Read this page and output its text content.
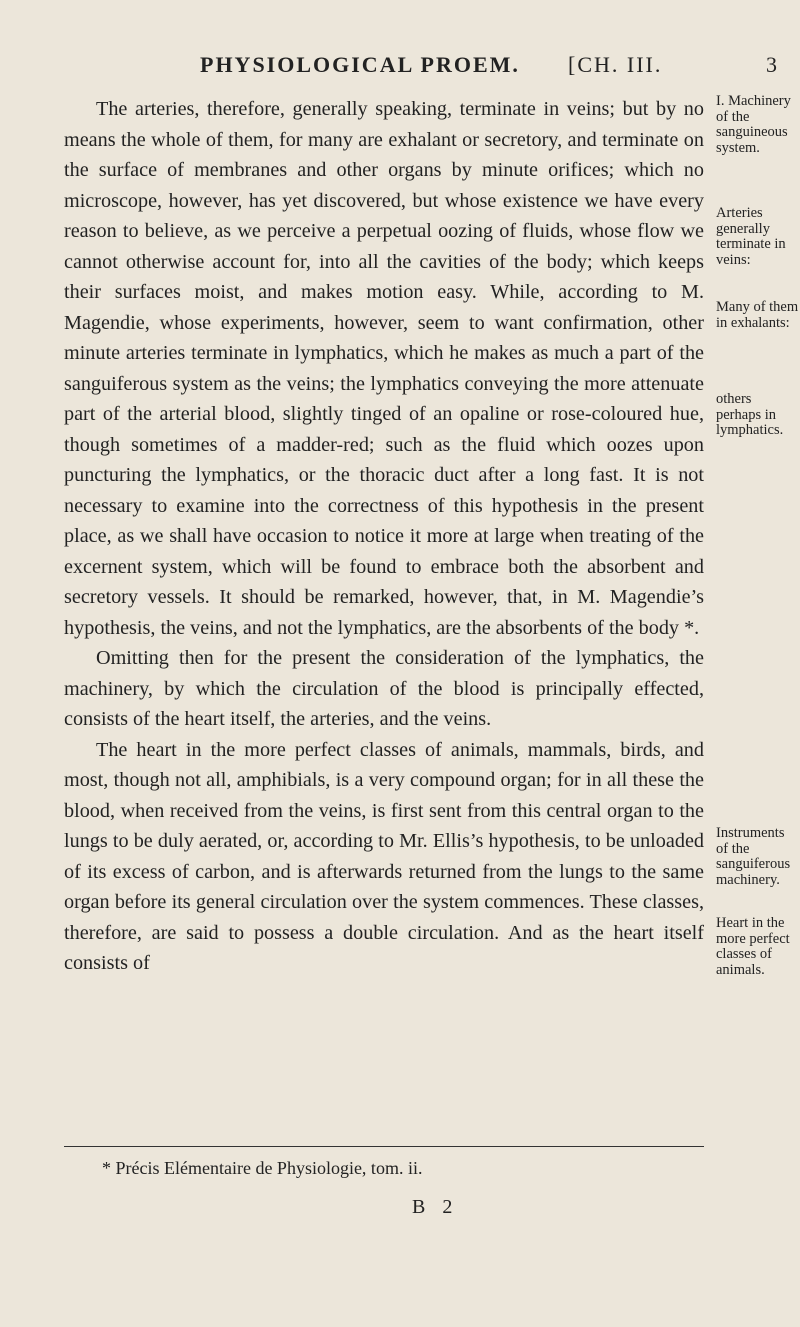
PHYSIOLOGICAL PROEM. [CH. III.	3

The arteries, therefore, generally speaking, terminate in veins; but by no means the whole of them, for many are exhalant or secretory, and terminate on the surface of membranes and other organs by minute orifices; which no microscope, however, has yet discovered, but whose existence we have every reason to believe, as we perceive a perpetual oozing of fluids, whose flow we cannot otherwise account for, into all the cavities of the body; which keeps their surfaces moist, and makes motion easy. While, according to M. Magendie, whose experiments, however, seem to want confirmation, other minute arteries terminate in lymphatics, which he makes as much a part of the sanguiferous system as the veins; the lymphatics conveying the more attenuate part of the arterial blood, slightly tinged of an opaline or rose-coloured hue, though sometimes of a madder-red; such as the fluid which oozes upon puncturing the lymphatics, or the thoracic duct after a long fast. It is not necessary to examine into the correctness of this hypothesis in the present place, as we shall have occasion to notice it more at large when treating of the excernent system, which will be found to embrace both the absorbent and secretory vessels. It should be remarked, however, that, in M. Magendie’s hypothesis, the veins, and not the lymphatics, are the absorbents of the body *.

Omitting then for the present the consideration of the lymphatics, the machinery, by which the circulation of the blood is principally effected, consists of the heart itself, the arteries, and the veins.

The heart in the more perfect classes of animals, mammals, birds, and most, though not all, amphibials, is a very compound organ; for in all these the blood, when received from the veins, is first sent from this central organ to the lungs to be duly aerated, or, according to Mr. Ellis’s hypothesis, to be unloaded of its excess of carbon, and is afterwards returned from the lungs to the same organ before its general circulation over the system commences. These classes, therefore, are said to possess a double circulation. And as the heart itself consists of

I. Machinery of the sanguineous system.
Arteries generally terminate in veins:
Many of them in exhalants:
others perhaps in lymphatics.
Instruments of the sanguiferous machinery.
Heart in the more perfect classes of animals.
* Précis Elémentaire de Physiologie, tom. ii.
B 2
